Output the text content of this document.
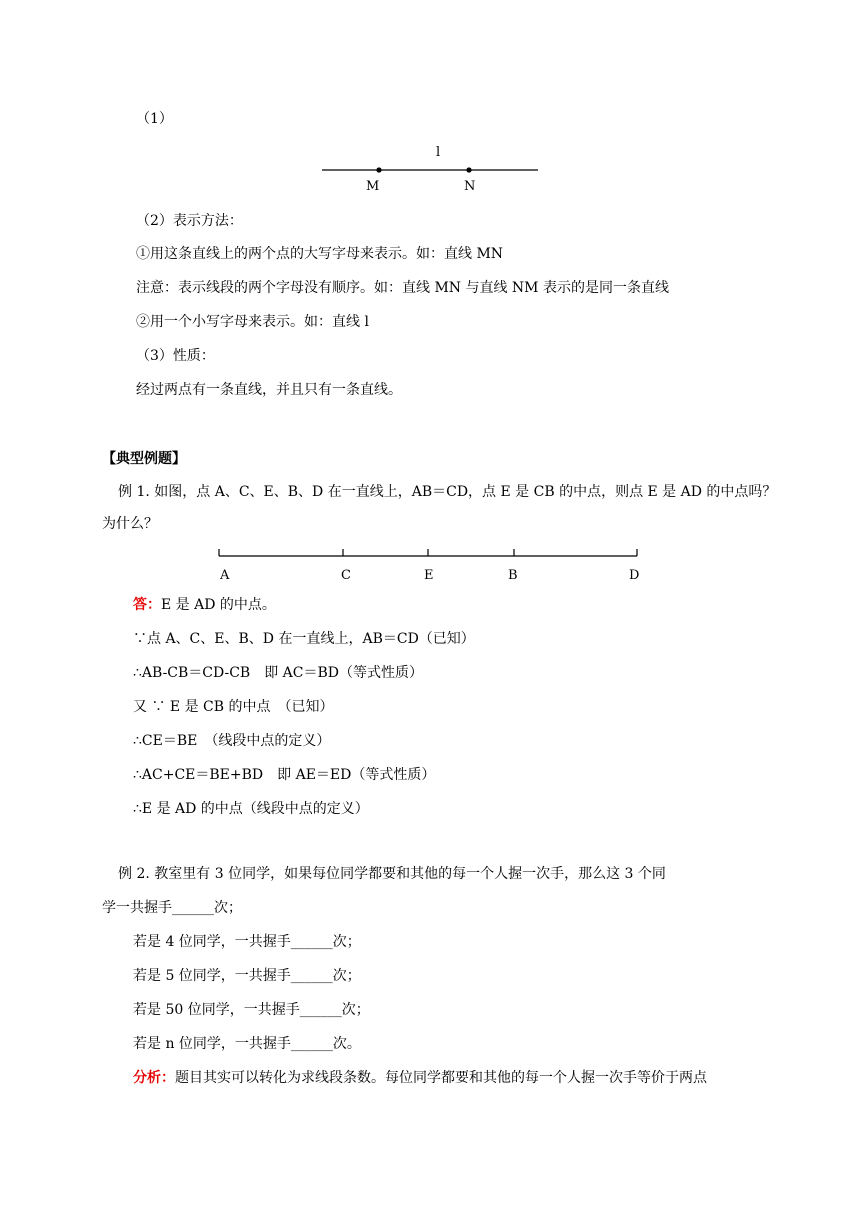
（1）
l
M	N
（2）表示方法：
①用这条直线上的两个点的大写字母来表示。如：直线 MN
注意：表示线段的两个字母没有顺序。如：直线 MN 与直线 NM 表示的是同一条直线
②用一个小写字母来表示。如：直线 l
（3）性质：
经过两点有一条直线，并且只有一条直线。
【典型例题】
例 1. 如图，点 A、C、E、B、D 在一直线上，AB＝CD，点 E 是 CB 的中点，则点 E 是 AD 的中点吗？
为什么？
A	C	E	B	D
答：E 是 AD 的中点。
∵点 A、C、E、B、D 在一直线上，AB＝CD（已知）
∴AB-CB＝CD-CB　即 AC＝BD（等式性质）
又 ∵ E 是 CB 的中点　（已知）
∴CE＝BE　（线段中点的定义）
∴AC+CE＝BE+BD　即 AE＝ED（等式性质）
∴E 是 AD 的中点（线段中点的定义）
例 2. 教室里有 3 位同学，如果每位同学都要和其他的每一个人握一次手，那么这 3 个同
学一共握手______次；
若是 4 位同学，一共握手______次；
若是 5 位同学，一共握手______次；
若是 50 位同学，一共握手______次；
若是 n 位同学，一共握手______次。
分析：题目其实可以转化为求线段条数。每位同学都要和其他的每一个人握一次手等价于两点
